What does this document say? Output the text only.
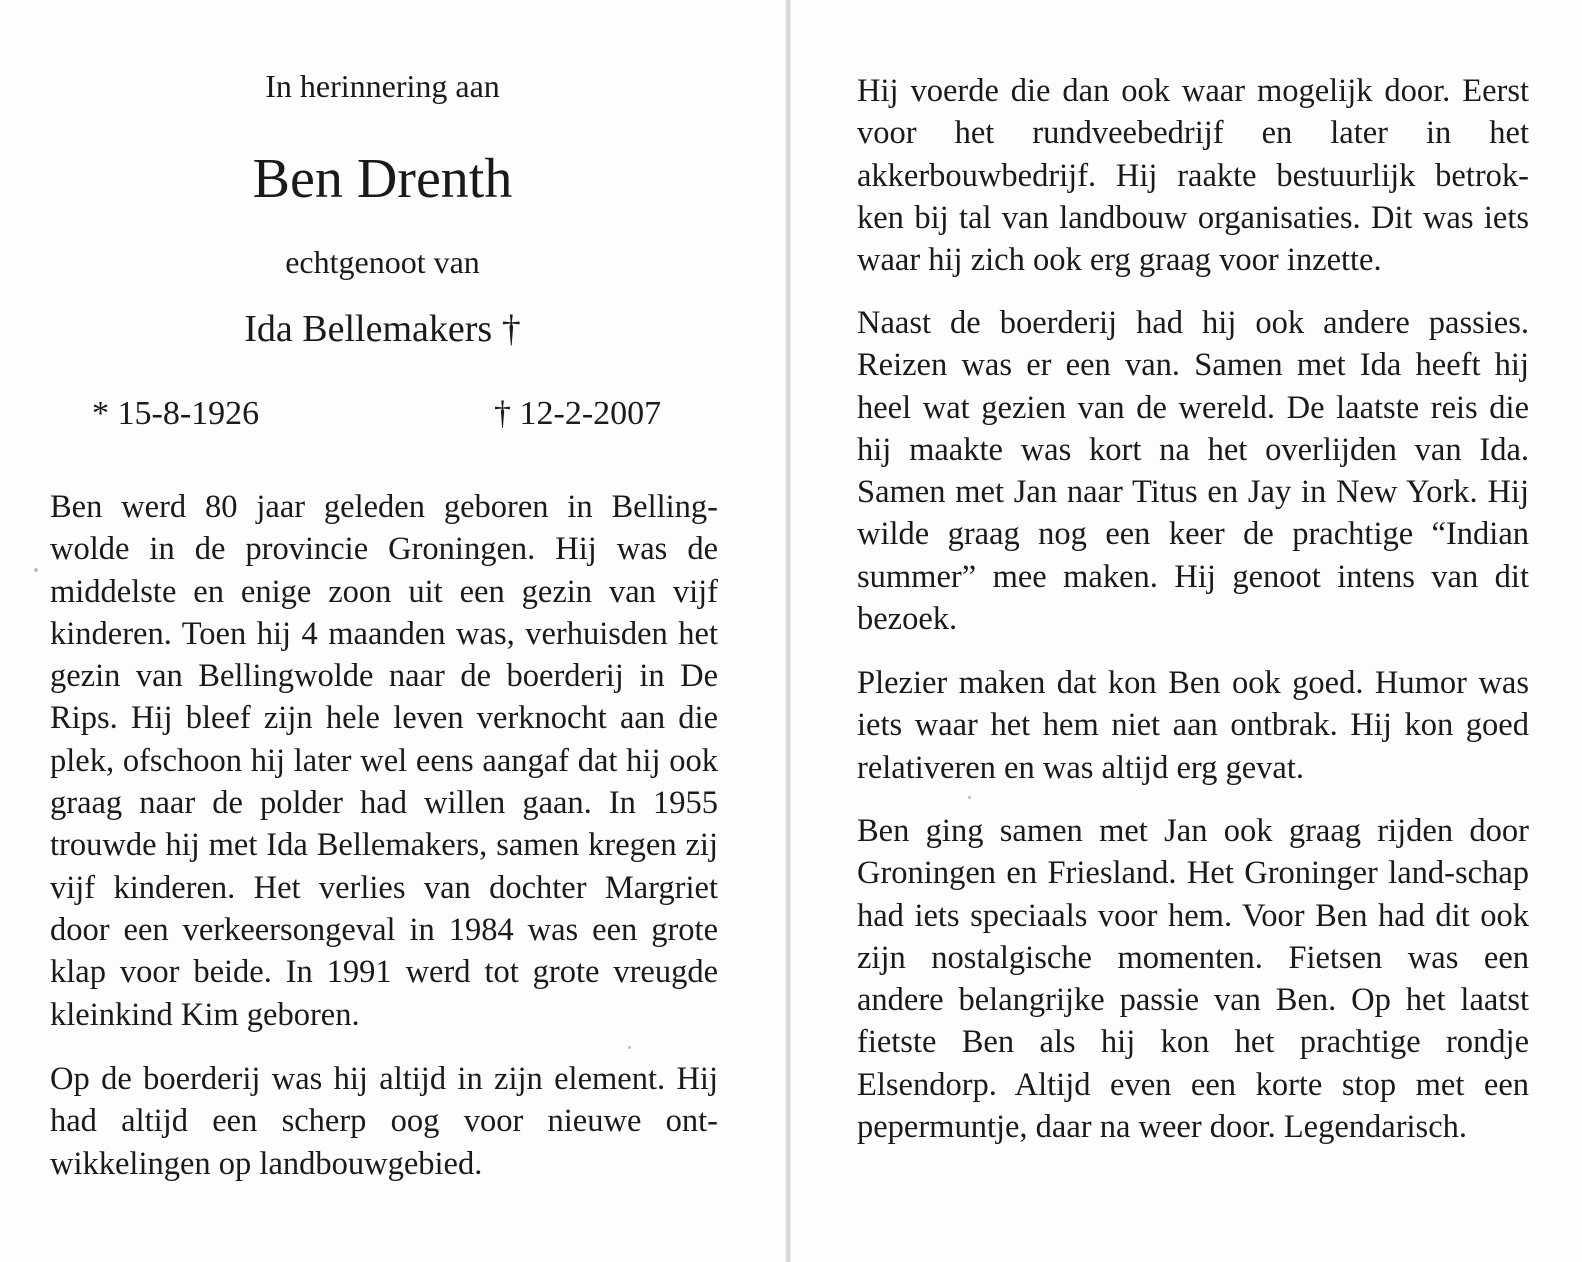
In herinnering aan
Ben Drenth
echtgenoot van
Ida Bellemakers †
* 15-8-1926	† 12-2-2007

Ben werd 80 jaar geleden geboren in Belling-wolde in de provincie Groningen. Hij was de middelste en enige zoon uit een gezin van vijf kinderen. Toen hij 4 maanden was, verhuisden het gezin van Bellingwolde naar de boerderij in De Rips. Hij bleef zijn hele leven verknocht aan die plek, ofschoon hij later wel eens aangaf dat hij ook graag naar de polder had willen gaan. In 1955 trouwde hij met Ida Bellemakers, samen kregen zij vijf kinderen. Het verlies van dochter Margriet door een verkeersongeval in 1984 was een grote klap voor beide. In 1991 werd tot grote vreugde kleinkind Kim geboren.

Op de boerderij was hij altijd in zijn element. Hij had altijd een scherp oog voor nieuwe ont-wikkelingen op landbouwgebied.

Hij voerde die dan ook waar mogelijk door. Eerst voor het rundveebedrijf en later in het akkerbouwbedrijf. Hij raakte bestuurlijk betrok-ken bij tal van landbouw organisaties. Dit was iets waar hij zich ook erg graag voor inzette.

Naast de boerderij had hij ook andere passies. Reizen was er een van. Samen met Ida heeft hij heel wat gezien van de wereld. De laatste reis die hij maakte was kort na het overlijden van Ida. Samen met Jan naar Titus en Jay in New York. Hij wilde graag nog een keer de prachtige “Indian summer” mee maken. Hij genoot intens van dit bezoek.

Plezier maken dat kon Ben ook goed. Humor was iets waar het hem niet aan ontbrak. Hij kon goed relativeren en was altijd erg gevat.

Ben ging samen met Jan ook graag rijden door Groningen en Friesland. Het Groninger land-schap had iets speciaals voor hem. Voor Ben had dit ook zijn nostalgische momenten. Fietsen was een andere belangrijke passie van Ben. Op het laatst fietste Ben als hij kon het prachtige rondje Elsendorp. Altijd even een korte stop met een pepermuntje, daar na weer door. Legendarisch.
